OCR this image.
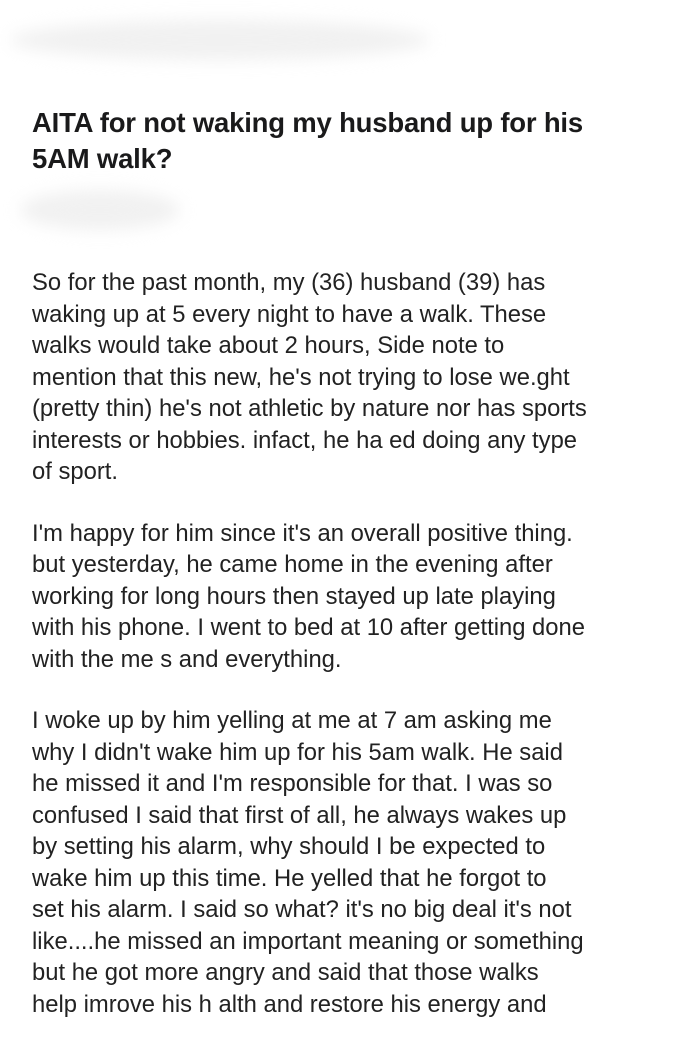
AITA for not waking my husband up for his
5AM walk?

So for the past month, my (36) husband (39) has
waking up at 5 every night to have a walk. These
walks would take about 2 hours, Side note to
mention that this new, he's not trying to lose we.ght
(pretty thin) he's not athletic by nature nor has sports
interests or hobbies. infact, he ha ed doing any type
of sport.

I'm happy for him since it's an overall positive thing.
but yesterday, he came home in the evening after
working for long hours then stayed up late playing
with his phone. I went to bed at 10 after getting done
with the me s and everything.

I woke up by him yelling at me at 7 am asking me
why I didn't wake him up for his 5am walk. He said
he missed it and I'm responsible for that. I was so
confused I said that first of all, he always wakes up
by setting his alarm, why should I be expected to
wake him up this time. He yelled that he forgot to
set his alarm. I said so what? it's no big deal it's not
like....he missed an important meaning or something
but he got more angry and said that those walks
help imrove his h alth and restore his energy and
